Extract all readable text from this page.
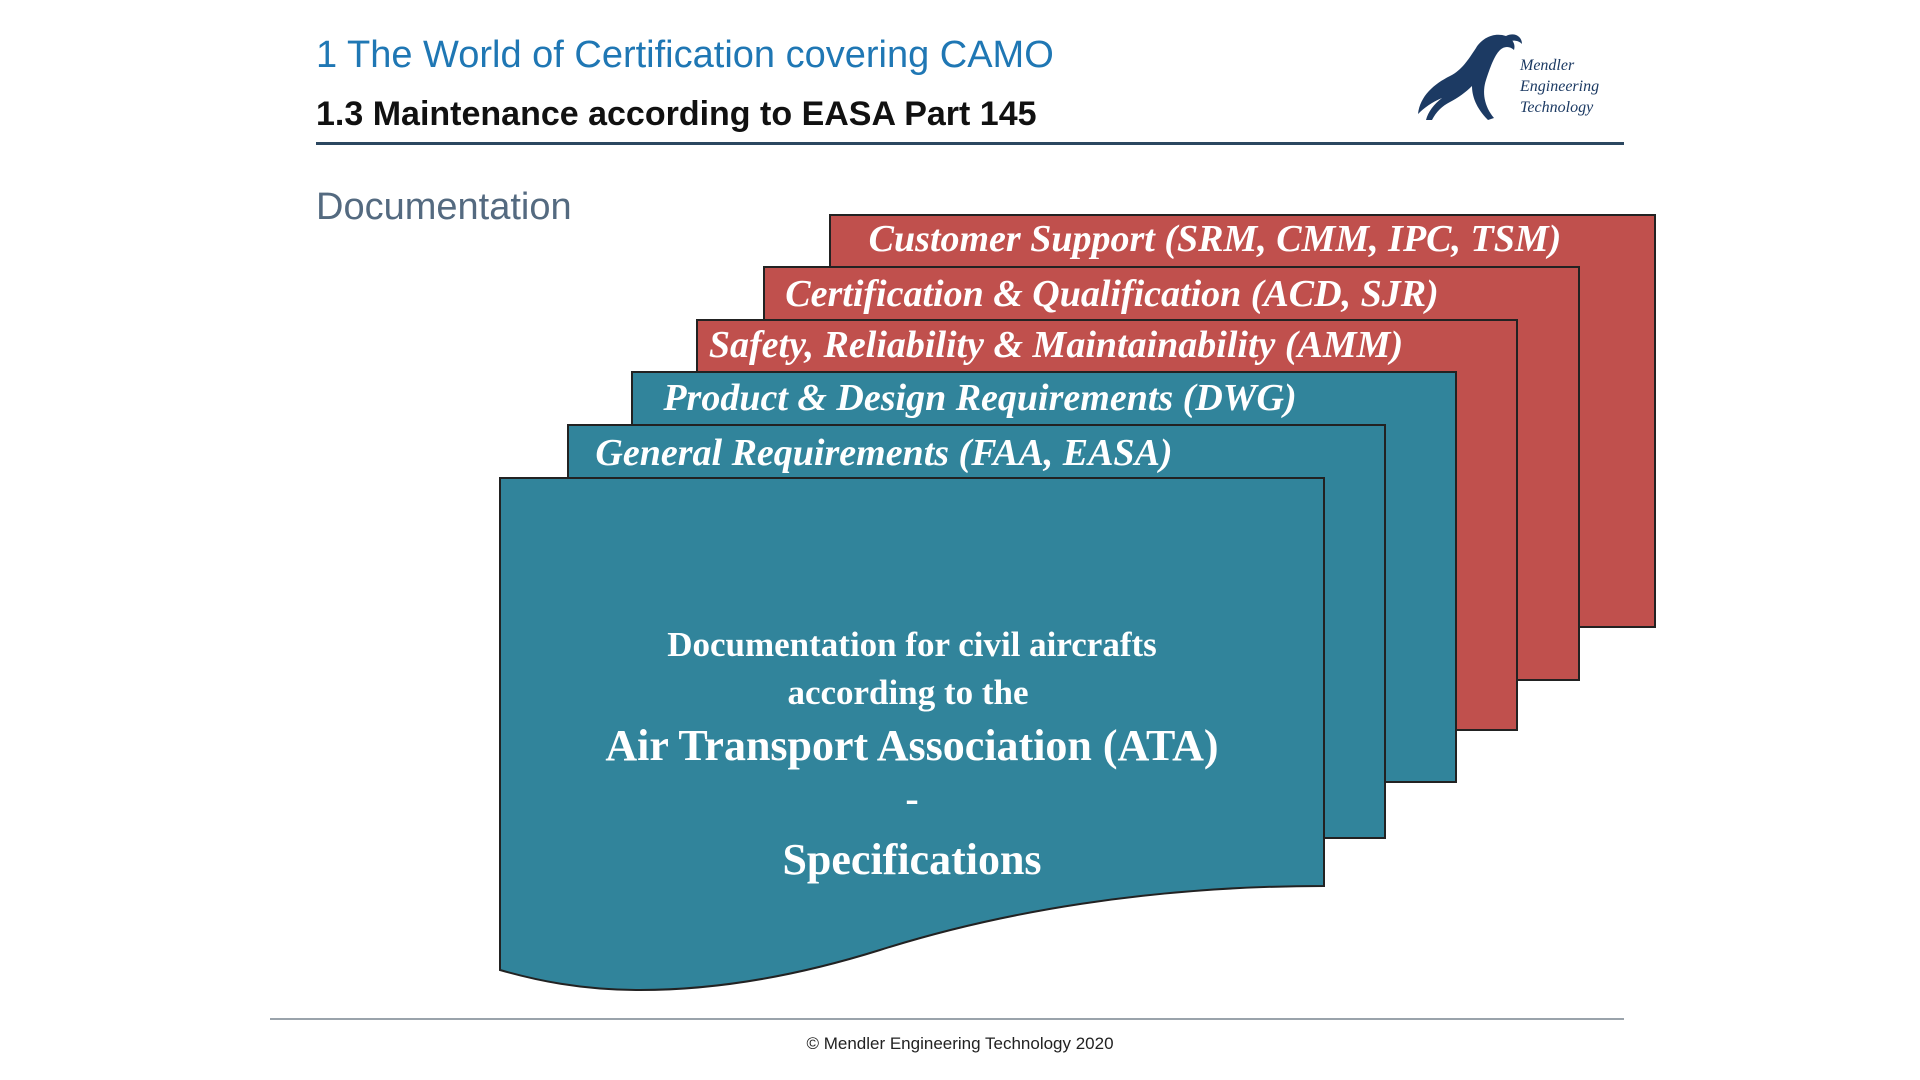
1 The World of Certification covering CAMO
1.3 Maintenance according to EASA Part 145
Documentation
Mendler
Engineering
Technology
Customer Support (SRM, CMM, IPC, TSM)
Certification & Qualification (ACD, SJR)
Safety, Reliability & Maintainability (AMM)
Product & Design Requirements (DWG)
General Requirements (FAA, EASA)
Documentation for civil aircrafts
according to the
Air Transport Association (ATA)
-
Specifications
© Mendler Engineering Technology 2020
